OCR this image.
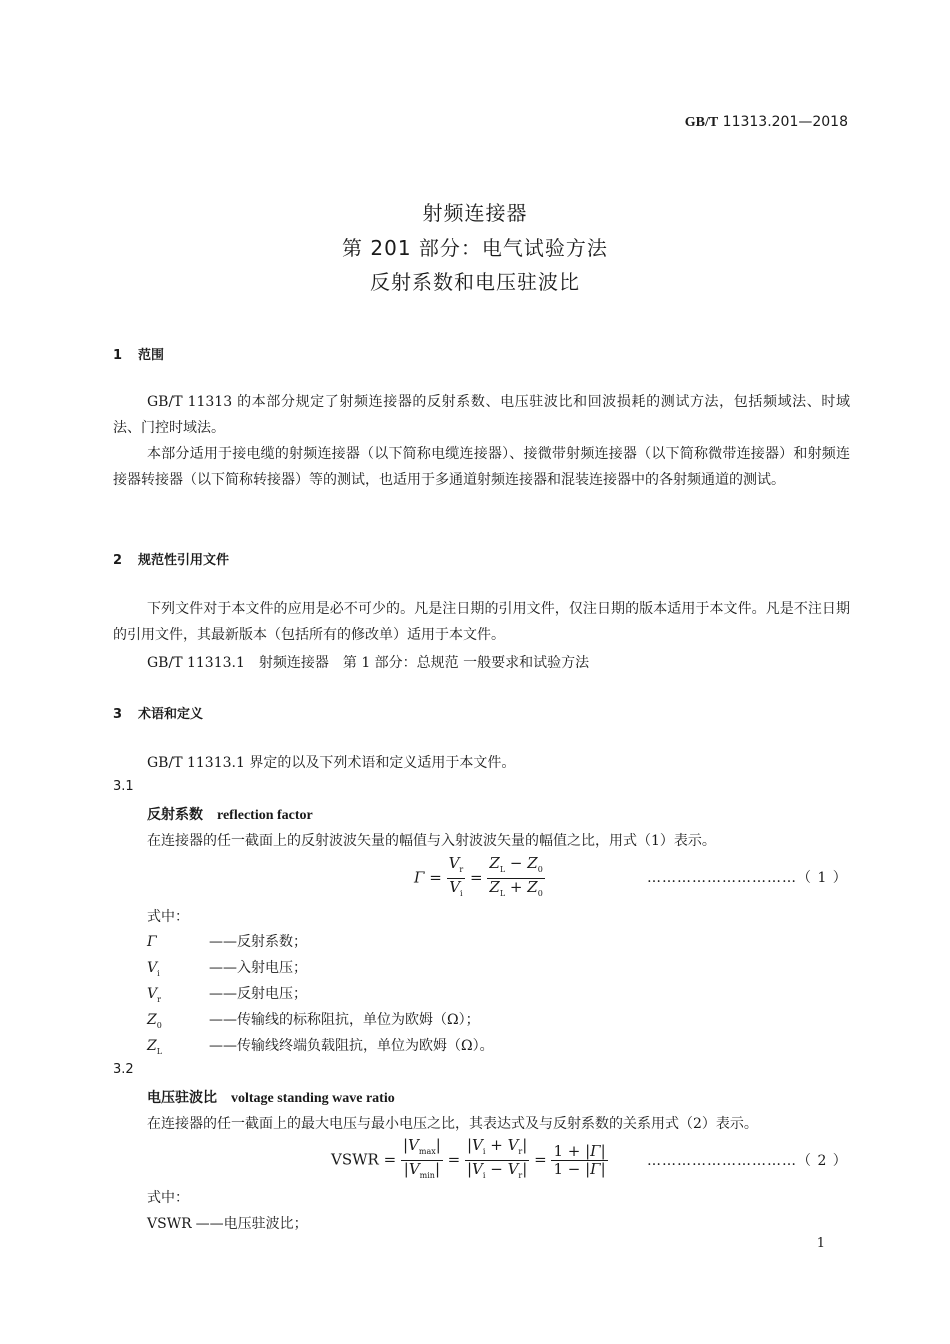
GB/T 11313.201—2018
射频连接器
第 201 部分：电气试验方法
反射系数和电压驻波比
1 范围
GB/T 11313 的本部分规定了射频连接器的反射系数、电压驻波比和回波损耗的测试方法，包括频域法、时域法、门控时域法。
本部分适用于接电缆的射频连接器（以下简称电缆连接器）、接微带射频连接器（以下简称微带连接器）和射频连接器转接器（以下简称转接器）等的测试，也适用于多通道射频连接器和混装连接器中的各射频通道的测试。
2 规范性引用文件
下列文件对于本文件的应用是必不可少的。凡是注日期的引用文件，仅注日期的版本适用于本文件。凡是不注日期的引用文件，其最新版本（包括所有的修改单）适用于本文件。
GB/T 11313.1　射频连接器　第 1 部分：总规范 一般要求和试验方法
3 术语和定义
GB/T 11313.1 界定的以及下列术语和定义适用于本文件。
3.1
反射系数 reflection factor
在连接器的任一截面上的反射波波矢量的幅值与入射波波矢量的幅值之比，用式（1）表示。
$\Gamma = \frac{V_r}{V_i} = \frac{Z_L - Z_0}{Z_L + Z_0}$	…………………………（ 1 ）
式中：
Γ	——反射系数；
$V_i$	——入射电压；
$V_r$	——反射电压；
$Z_0$	——传输线的标称阻抗，单位为欧姆（Ω）；
$Z_L$	——传输线终端负载阻抗，单位为欧姆（Ω）。
3.2
电压驻波比 voltage standing wave ratio
在连接器的任一截面上的最大电压与最小电压之比，其表达式及与反射系数的关系用式（2）表示。
VSWR = $\frac{|V_{max}|}{|V_{min}|} = \frac{|V_i + V_r|}{|V_i - V_r|} = \frac{1 + |\Gamma|}{1 - |\Gamma|}$	…………………………（ 2 ）
式中：
VSWR ——电压驻波比；
1
